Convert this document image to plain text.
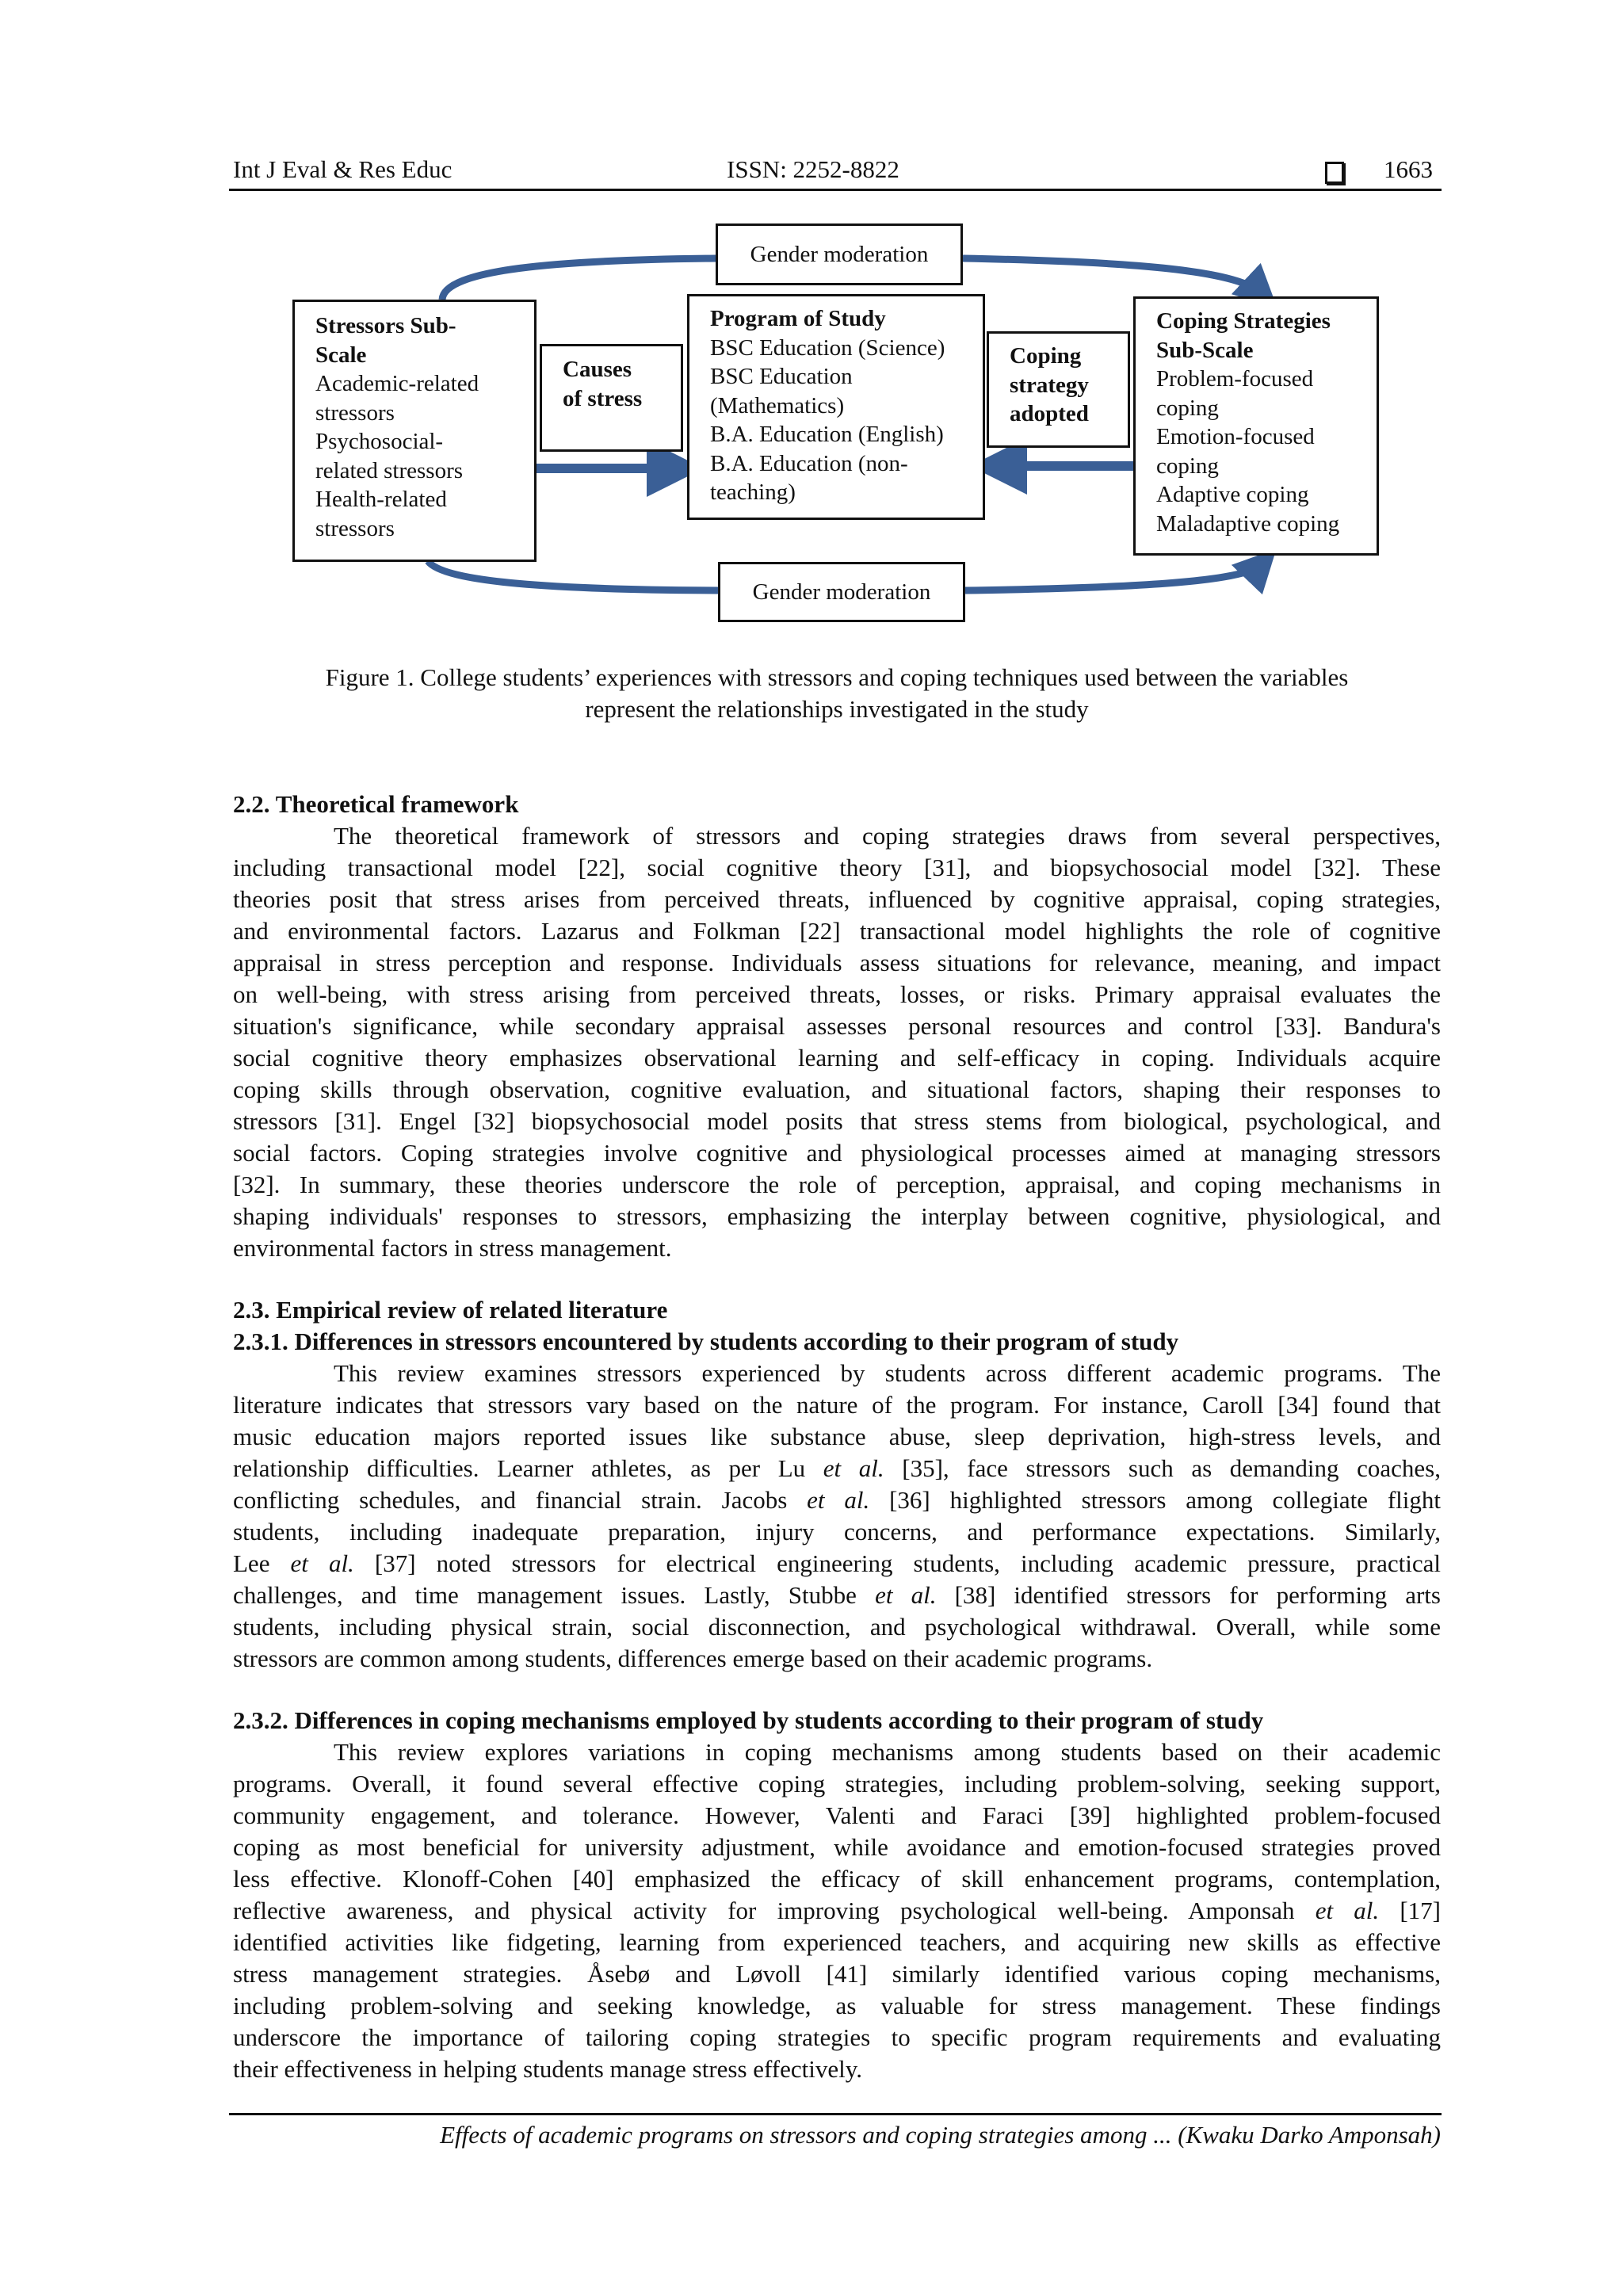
Int J Eval & Res Educ	ISSN: 2252-8822	1663
Gender moderation
Gender moderation
Stressors Sub-
Scale
Academic-related
stressors
Psychosocial-
related stressors
Health-related
stressors
Causes
of stress
Program of Study
BSC Education (Science)
BSC Education
(Mathematics)
B.A. Education (English)
B.A. Education (non-
teaching)
Coping
strategy
adopted
Coping Strategies
Sub-Scale
Problem-focused
coping
Emotion-focused
coping
Adaptive coping
Maladaptive coping
Figure 1. College students’ experiences with stressors and coping techniques used between the variables
represent the relationships investigated in the study
2.2. Theoretical framework
The theoretical framework of stressors and coping strategies draws from several perspectives,
including transactional model [22], social cognitive theory [31], and biopsychosocial model [32]. These
theories posit that stress arises from perceived threats, influenced by cognitive appraisal, coping strategies,
and environmental factors. Lazarus and Folkman [22] transactional model highlights the role of cognitive
appraisal in stress perception and response. Individuals assess situations for relevance, meaning, and impact
on well-being, with stress arising from perceived threats, losses, or risks. Primary appraisal evaluates the
situation's significance, while secondary appraisal assesses personal resources and control [33]. Bandura's
social cognitive theory emphasizes observational learning and self-efficacy in coping. Individuals acquire
coping skills through observation, cognitive evaluation, and situational factors, shaping their responses to
stressors [31]. Engel [32] biopsychosocial model posits that stress stems from biological, psychological, and
social factors. Coping strategies involve cognitive and physiological processes aimed at managing stressors
[32]. In summary, these theories underscore the role of perception, appraisal, and coping mechanisms in
shaping individuals' responses to stressors, emphasizing the interplay between cognitive, physiological, and
environmental factors in stress management.
2.3. Empirical review of related literature
2.3.1. Differences in stressors encountered by students according to their program of study
This review examines stressors experienced by students across different academic programs. The
literature indicates that stressors vary based on the nature of the program. For instance, Caroll [34] found that
music education majors reported issues like substance abuse, sleep deprivation, high-stress levels, and
relationship difficulties. Learner athletes, as per Lu et al. [35], face stressors such as demanding coaches,
conflicting schedules, and financial strain. Jacobs et al. [36] highlighted stressors among collegiate flight
students, including inadequate preparation, injury concerns, and performance expectations. Similarly,
Lee et al. [37] noted stressors for electrical engineering students, including academic pressure, practical
challenges, and time management issues. Lastly, Stubbe et al. [38] identified stressors for performing arts
students, including physical strain, social disconnection, and psychological withdrawal. Overall, while some
stressors are common among students, differences emerge based on their academic programs.
2.3.2. Differences in coping mechanisms employed by students according to their program of study
This review explores variations in coping mechanisms among students based on their academic
programs. Overall, it found several effective coping strategies, including problem-solving, seeking support,
community engagement, and tolerance. However, Valenti and Faraci [39] highlighted problem-focused
coping as most beneficial for university adjustment, while avoidance and emotion-focused strategies proved
less effective. Klonoff-Cohen [40] emphasized the efficacy of skill enhancement programs, contemplation,
reflective awareness, and physical activity for improving psychological well-being. Amponsah et al. [17]
identified activities like fidgeting, learning from experienced teachers, and acquiring new skills as effective
stress management strategies. Åsebø and Løvoll [41] similarly identified various coping mechanisms,
including problem-solving and seeking knowledge, as valuable for stress management. These findings
underscore the importance of tailoring coping strategies to specific program requirements and evaluating
their effectiveness in helping students manage stress effectively.
Effects of academic programs on stressors and coping strategies among ... (Kwaku Darko Amponsah)
